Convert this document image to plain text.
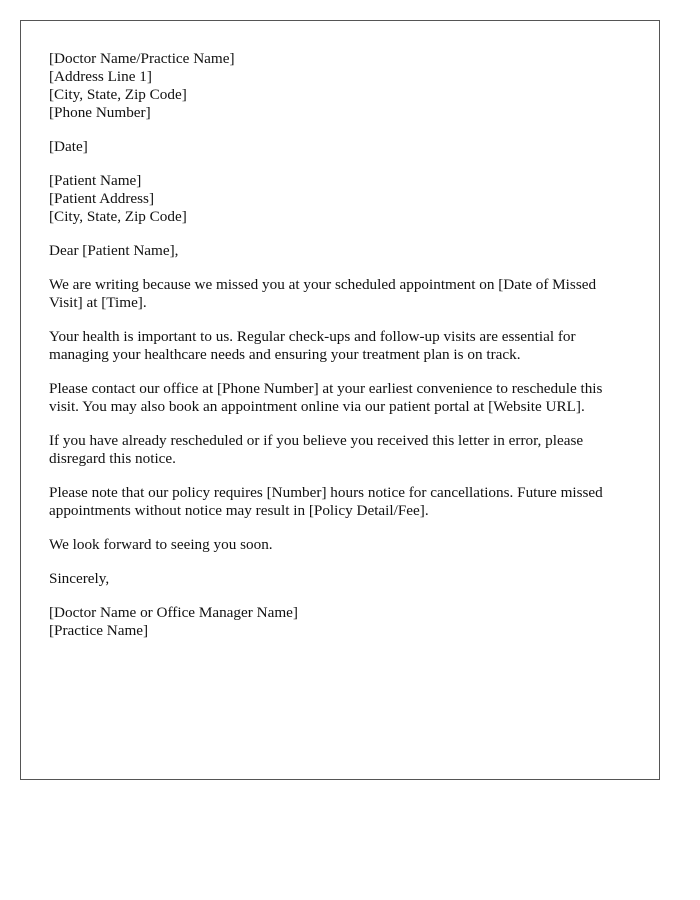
[Doctor Name/Practice Name]
[Address Line 1]
[City, State, Zip Code]
[Phone Number]
[Date]
[Patient Name]
[Patient Address]
[City, State, Zip Code]

Dear [Patient Name],

We are writing because we missed you at your scheduled appointment on [Date of Missed Visit] at [Time].

Your health is important to us. Regular check-ups and follow-up visits are essential for managing your healthcare needs and ensuring your treatment plan is on track.

Please contact our office at [Phone Number] at your earliest convenience to reschedule this visit. You may also book an appointment online via our patient portal at [Website URL].

If you have already rescheduled or if you believe you received this letter in error, please disregard this notice.

Please note that our policy requires [Number] hours notice for cancellations. Future missed appointments without notice may result in [Policy Detail/Fee].

We look forward to seeing you soon.

Sincerely,

[Doctor Name or Office Manager Name]
[Practice Name]
